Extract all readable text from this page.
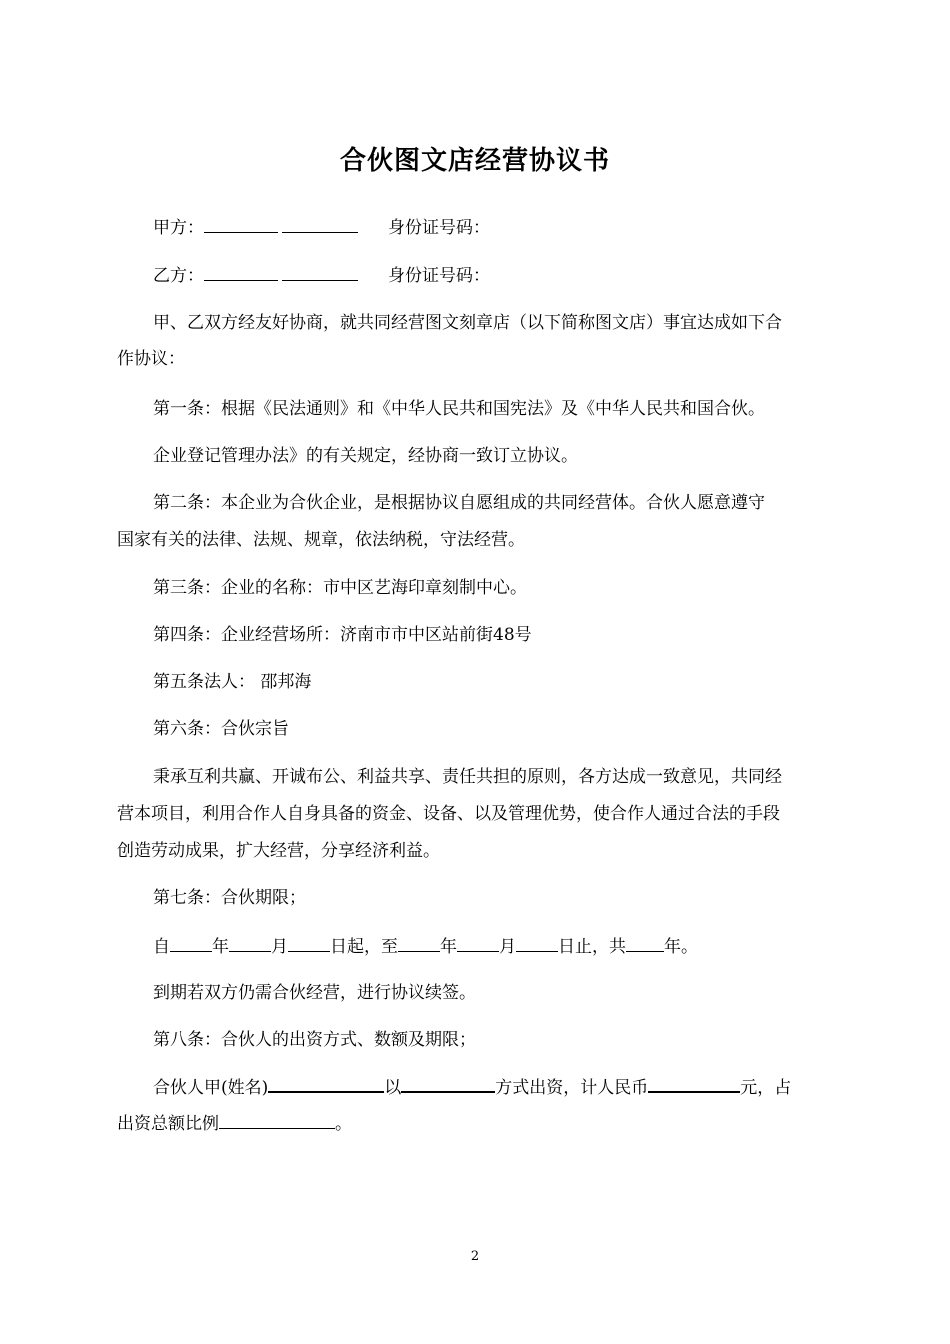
合伙图文店经营协议书
甲方：	身份证号码：
乙方：	身份证号码：
甲、乙双方经友好协商，就共同经营图文刻章店（以下简称图文店）事宜达成如下合
作协议：
第一条：根据《民法通则》和《中华人民共和国宪法》及《中华人民共和国合伙。
企业登记管理办法》的有关规定，经协商一致订立协议。
第二条：本企业为合伙企业，是根据协议自愿组成的共同经营体。合伙人愿意遵守
国家有关的法律、法规、规章，依法纳税，守法经营。
第三条：企业的名称：市中区艺海印章刻制中心。
第四条：企业经营场所：济南市市中区站前街48号
第五条法人： 邵邦海
第六条：合伙宗旨
秉承互利共赢、开诚布公、利益共享、责任共担的原则，各方达成一致意见，共同经
营本项目，利用合作人自身具备的资金、设备、以及管理优势，使合作人通过合法的手段
创造劳动成果，扩大经营，分享经济利益。
第七条：合伙期限；
自 年 月 日起，至 年 月 日止，共 年。
到期若双方仍需合伙经营，进行协议续签。
第八条：合伙人的出资方式、数额及期限；
合伙人甲(姓名)	以	方式出资，计人民币	元，占
出资总额比例	。
2
